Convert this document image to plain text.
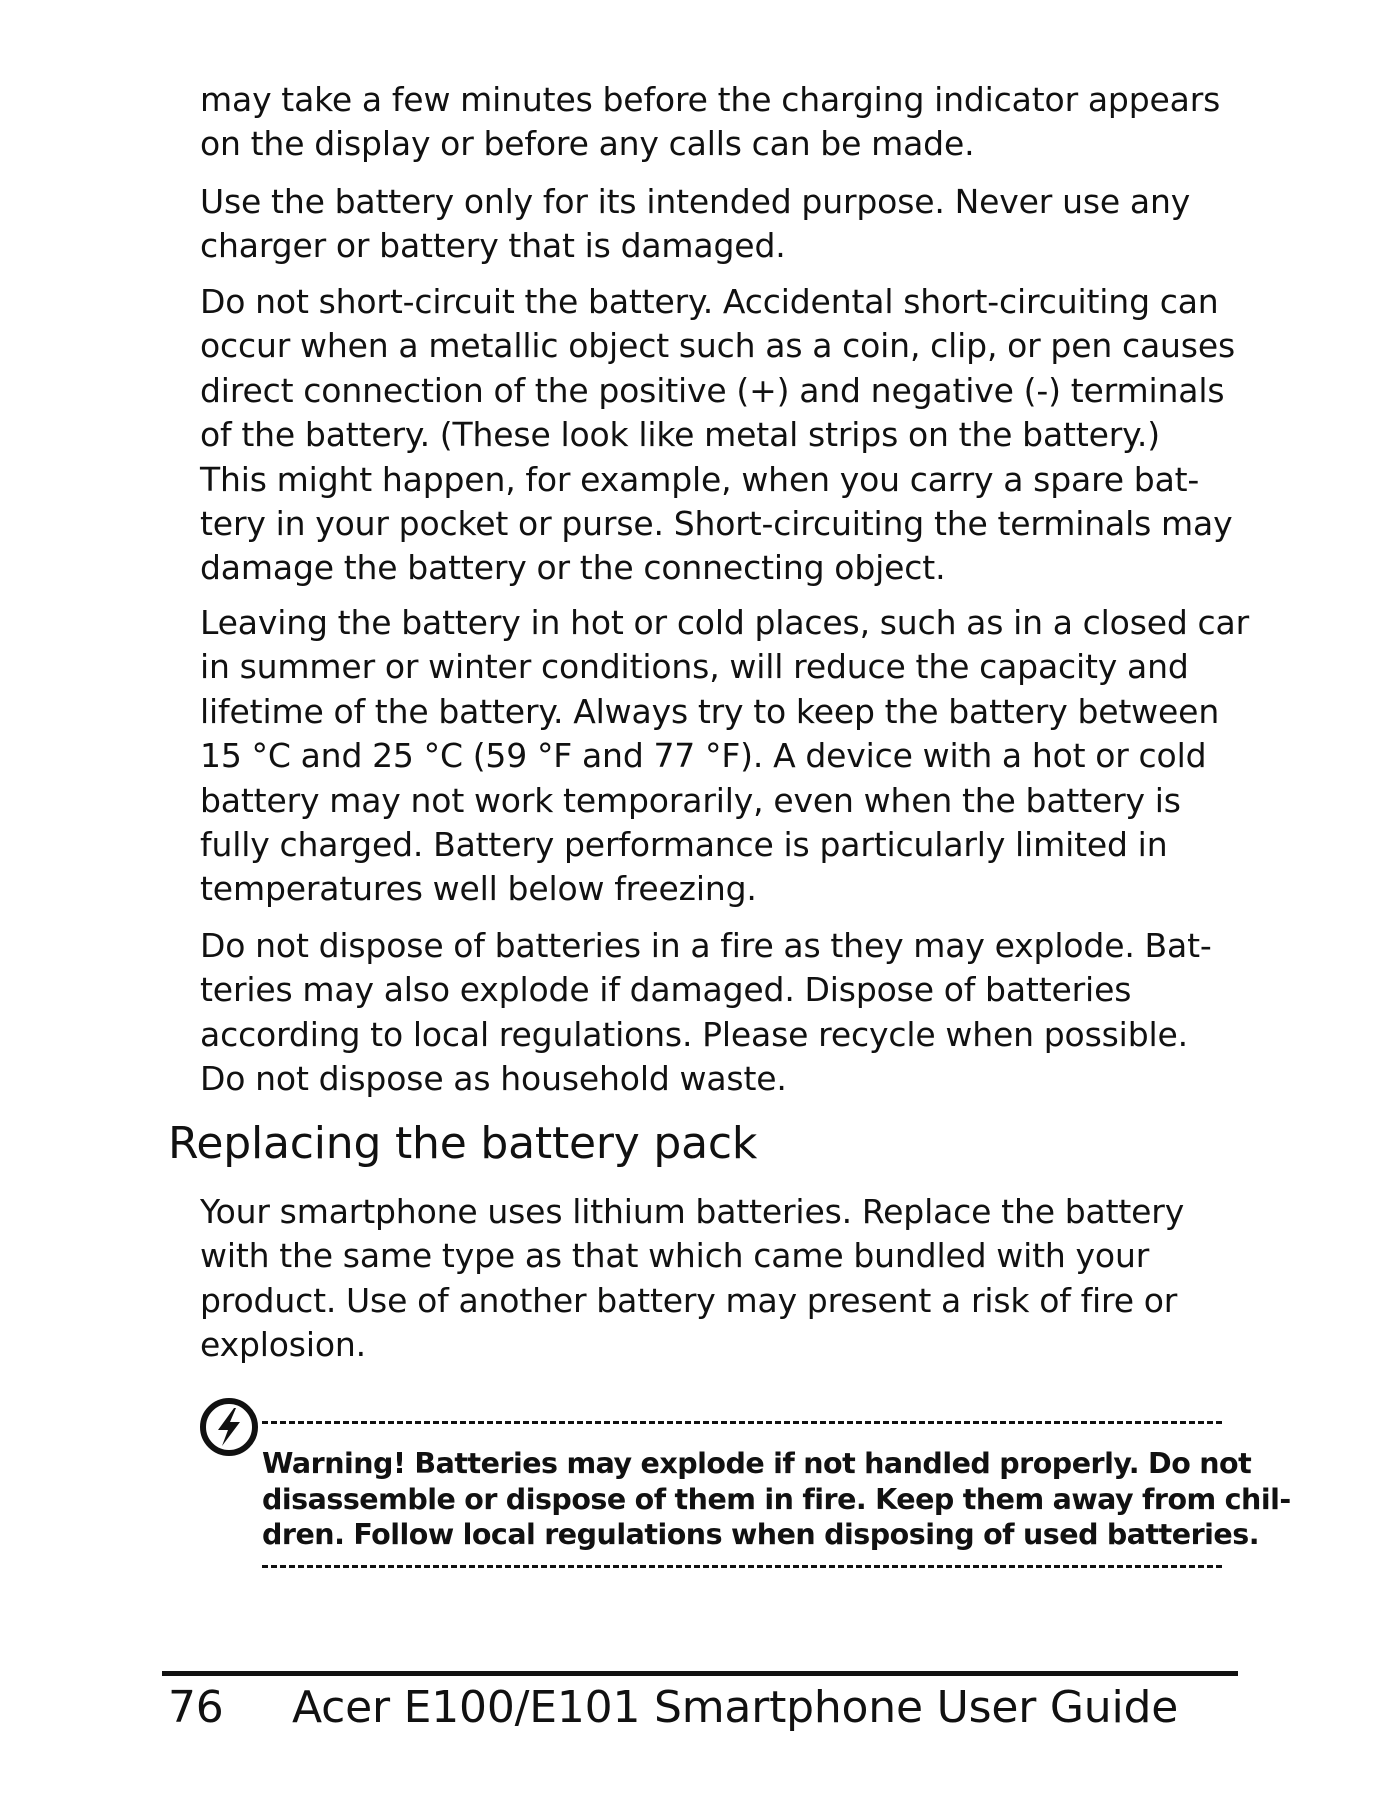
may take a few minutes before the charging indicator appears
on the display or before any calls can be made.

Use the battery only for its intended purpose. Never use any
charger or battery that is damaged.

Do not short-circuit the battery. Accidental short-circuiting can
occur when a metallic object such as a coin, clip, or pen causes
direct connection of the positive (+) and negative (-) terminals
of the battery. (These look like metal strips on the battery.)
This might happen, for example, when you carry a spare bat-
tery in your pocket or purse. Short-circuiting the terminals may
damage the battery or the connecting object.

Leaving the battery in hot or cold places, such as in a closed car
in summer or winter conditions, will reduce the capacity and
lifetime of the battery. Always try to keep the battery between
15 °C and 25 °C (59 °F and 77 °F). A device with a hot or cold
battery may not work temporarily, even when the battery is
fully charged. Battery performance is particularly limited in
temperatures well below freezing.

Do not dispose of batteries in a fire as they may explode. Bat-
teries may also explode if damaged. Dispose of batteries
according to local regulations. Please recycle when possible.
Do not dispose as household waste.

Replacing the battery pack

Your smartphone uses lithium batteries. Replace the battery
with the same type as that which came bundled with your
product. Use of another battery may present a risk of fire or
explosion.

Warning! Batteries may explode if not handled properly. Do not
disassemble or dispose of them in fire. Keep them away from chil-
dren. Follow local regulations when disposing of used batteries.

76 Acer E100/E101 Smartphone User Guide
